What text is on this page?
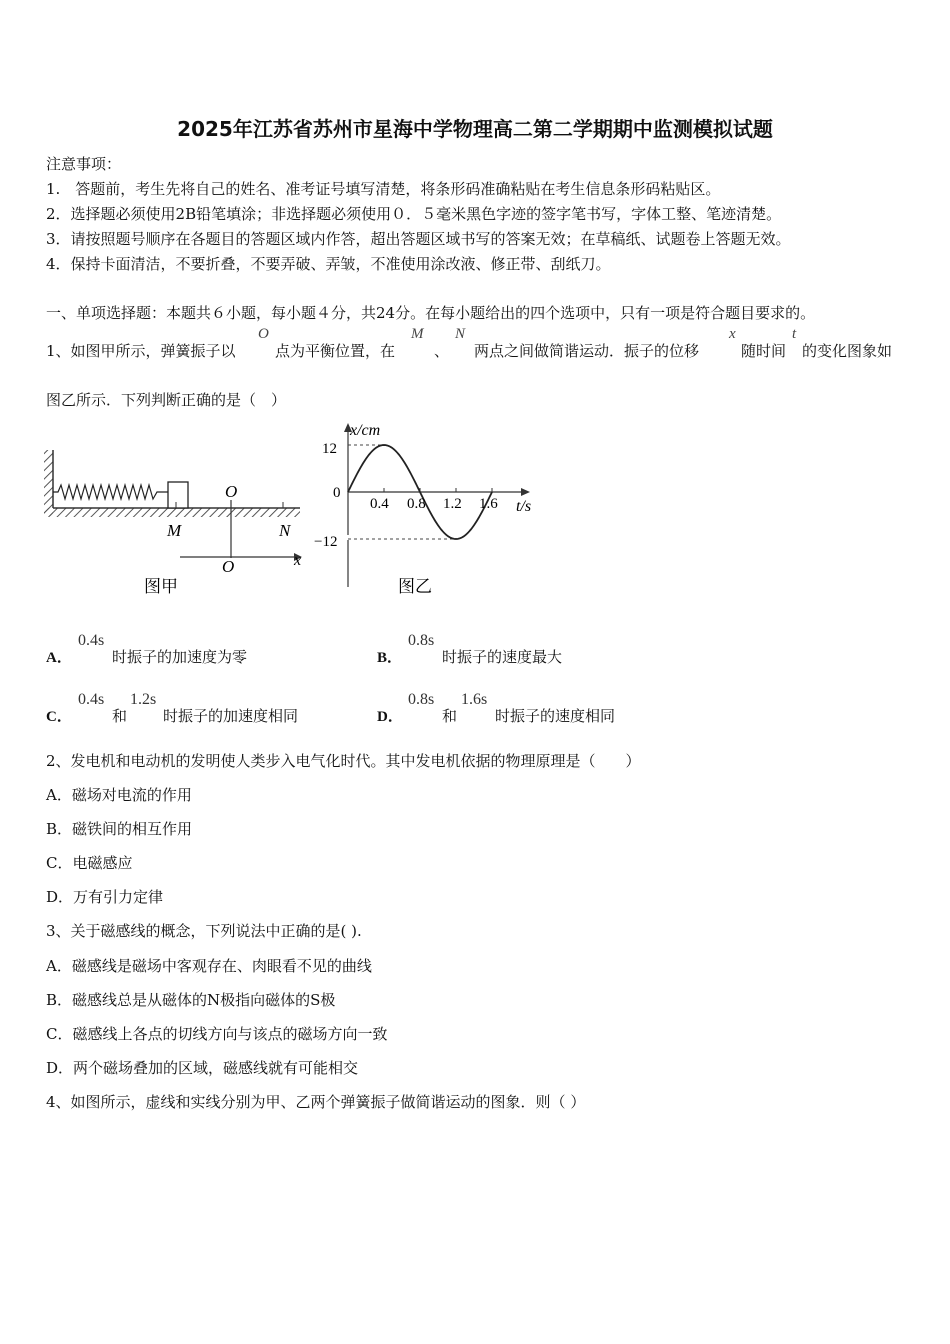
2025年江苏省苏州市星海中学物理高二第二学期期中监测模拟试题
注意事项：
1.　答题前，考生先将自己的姓名、准考证号填写清楚，将条形码准确粘贴在考生信息条形码粘贴区。
2．选择题必须使用2B铅笔填涂；非选择题必须使用０．５毫米黑色字迹的签字笔书写，字体工整、笔迹清楚。
3．请按照题号顺序在各题目的答题区域内作答，超出答题区域书写的答案无效；在草稿纸、试题卷上答题无效。
4．保持卡面清洁，不要折叠，不要弄破、弄皱，不准使用涂改液、修正带、刮纸刀。
一、单项选择题：本题共６小题，每小题４分，共24分。在每小题给出的四个选项中，只有一项是符合题目要求的。
1、如图甲所示，弹簧振子以
O
点为平衡位置，在
M
、
N
两点之间做简谐运动．振子的位移
x
随时间
t
的变化图象如
图乙所示．下列判断正确的是（　）
O
M	N
O	x
图甲
x/cm
t/s
0
12
−12
0.4 0.8 1.2 1.6
图乙
A．
0.4s
时振子的加速度为零	B．
0.8s
时振子的速度最大
C．
0.4s
和
1.2s
时振子的加速度相同	D．
0.8s
和
1.6s
时振子的速度相同
2、发电机和电动机的发明使人类步入电气化时代。其中发电机依据的物理原理是（　　）
A．磁场对电流的作用
B．磁铁间的相互作用
C．电磁感应
D．万有引力定律
3、关于磁感线的概念，下列说法中正确的是( ).
A．磁感线是磁场中客观存在、肉眼看不见的曲线
B．磁感线总是从磁体的N极指向磁体的S极
C．磁感线上各点的切线方向与该点的磁场方向一致
D．两个磁场叠加的区域，磁感线就有可能相交
4、如图所示，虚线和实线分别为甲、乙两个弹簧振子做简谐运动的图象．则（ ）
